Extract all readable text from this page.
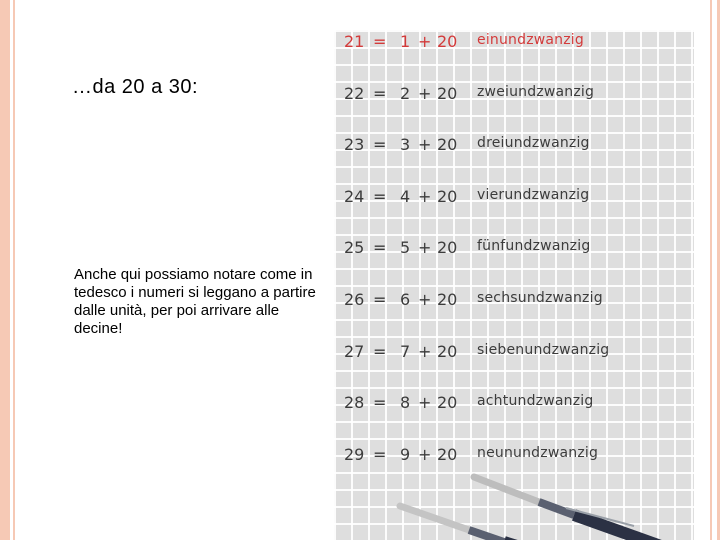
…da 20 a 30:

Anche qui possiamo notare come in tedesco i numeri si leggano a partire dalle unità, per poi arrivare alle decine!

21 = 1 + 20 einundzwanzig
22 = 2 + 20 zweiundzwanzig
23 = 3 + 20 dreiundzwanzig
24 = 4 + 20 vierundzwanzig
25 = 5 + 20 fünfundzwanzig
26 = 6 + 20 sechsundzwanzig
27 = 7 + 20 siebenundzwanzig
28 = 8 + 20 achtundzwanzig
29 = 9 + 20 neunundzwanzig
